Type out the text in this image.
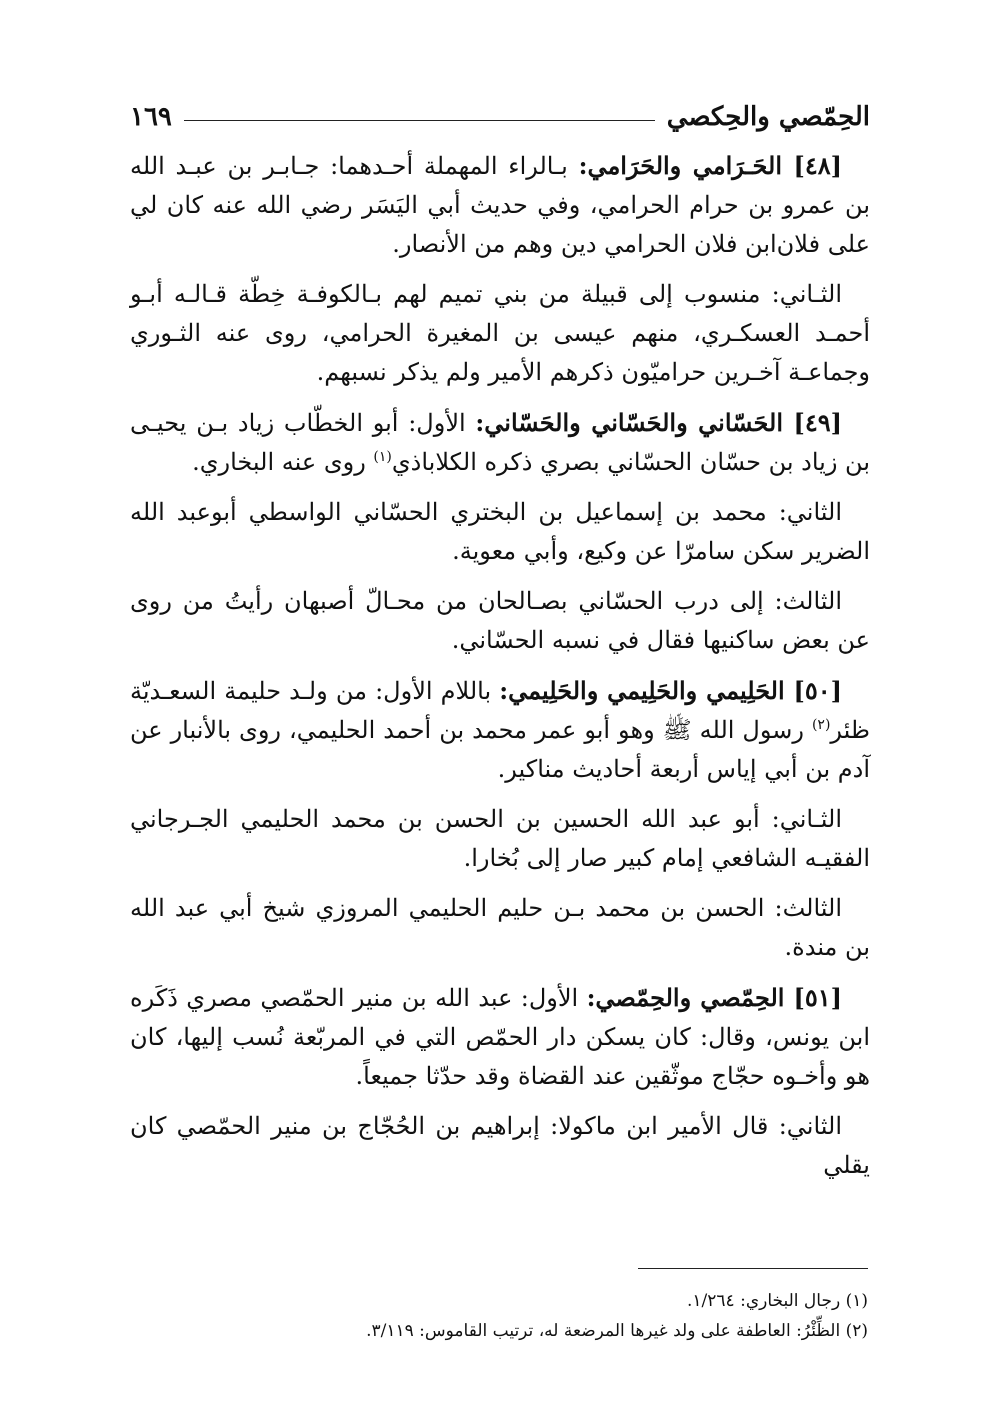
الحِمّصي والحِكصي
١٦٩

[٤٨] الحَـرَامي والحَرَامي: بـالراء المهملة أحـدهما: جـابـر بن عبـد الله بن عمرو بن حرام الحرامي، وفي حديث أبي اليَسَر رضي الله عنه كان لي على فلان‌ابن فلان الحرامي دين وهم من الأنصار.

الثـاني: منسوب إلى قبيلة من بني تميم لهم بـالكوفـة خِطّة قـالـه أبـو أحمـد العسكـري، منهم عيسى بن المغيرة الحرامي، روى عنه الثـوري وجماعـة آخـرين حراميّون ذكرهم الأمير ولم يذكر نسبهم.

[٤٩] الحَسّاني والحَسّاني والحَسّاني: الأول: أبو الخطّاب زياد بـن يحيـى بن زياد بن حسّان الحسّاني بصري ذكره الكلاباذي$^{(١)}$ روى عنه البخاري.

الثاني: محمد بن إسماعيل بن البختري الحسّاني الواسطي أبوعبد الله الضرير سكن سامرّا عن وكيع، وأبي معوية.

الثالث: إلى درب الحسّاني بصـالحان من محـالّ أصبهان رأيتُ من روى عن بعض ساكنيها فقال في نسبه الحسّاني.

[٥٠] الحَلِيمي والحَلِيمي والحَلِيمي: باللام الأول: من ولـد حليمة السعـديّة ظئر$^{(٢)}$ رسول الله ﷺ وهو أبو عمر محمد بن أحمد الحليمي، روى بالأنبار عن آدم بن أبي إياس أربعة أحاديث مناكير.

الثـاني: أبو عبد الله الحسين بن الحسن بن محمد الحليمي الجـرجاني الفقيـه الشافعي إمام كبير صار إلى بُخارا.

الثالث: الحسن بن محمد بـن حليم الحليمي المروزي شيخ أبي عبد الله بن مندة.

[٥١] الحِمّصي والحِمّصي: الأول: عبد الله بن منير الحمّصي مصري ذَكَره ابن يونس، وقال: كان يسكن دار الحمّص التي في المربّعة نُسب إليها، كان هو وأخـوه حجّاج موثّقين عند القضاة وقد حدّثا جميعاً.

الثاني: قال الأمير ابن ماكولا: إبراهيم بن الحُجّاج بن منير الحمّصي كان يقلي

(١) رجال البخاري: ١/٢٦٤.

(٢) الظِّئْرُ: العاطفة على ولد غيرها المرضعة له، ترتيب القاموس: ٣/١١٩.
